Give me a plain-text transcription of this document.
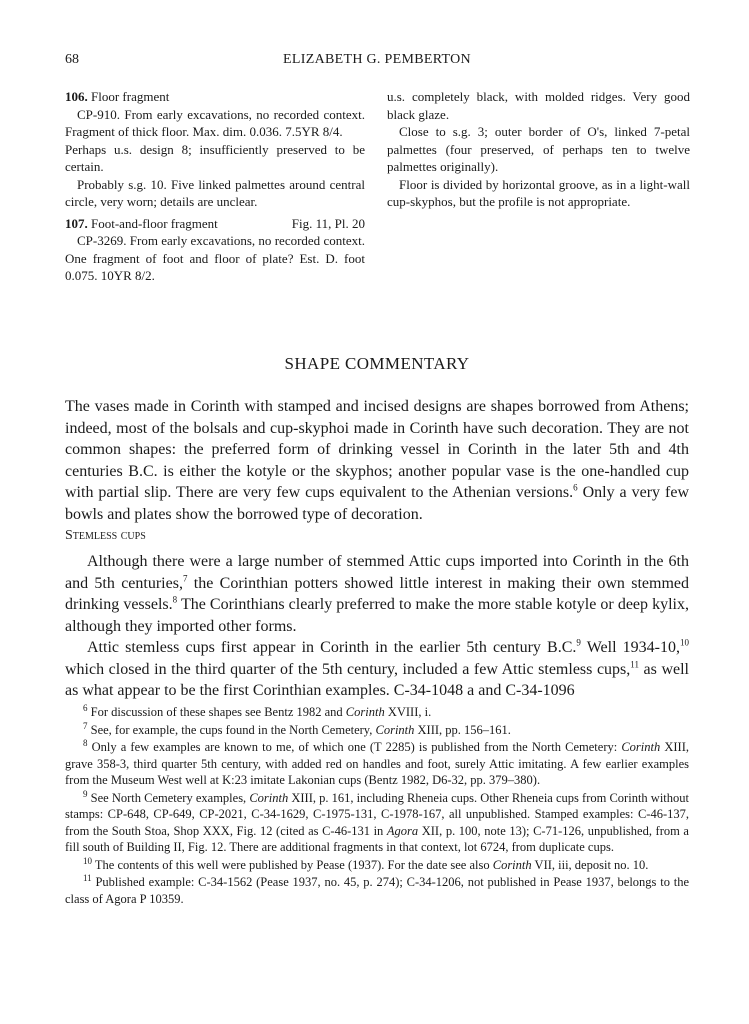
68	ELIZABETH G. PEMBERTON
106. Floor fragment

CP-910. From early excavations, no recorded context. Fragment of thick floor. Max. dim. 0.036. 7.5YR 8/4.

Perhaps u.s. design 8; insufficiently preserved to be certain.

Probably s.g. 10. Five linked palmettes around central circle, very worn; details are unclear.

107. Foot-and-floor fragment	Fig. 11, Pl. 20

CP-3269. From early excavations, no recorded context. One fragment of foot and floor of plate? Est. D. foot 0.075. 10YR 8/2.

u.s. completely black, with molded ridges. Very good black glaze.

Close to s.g. 3; outer border of O's, linked 7-petal palmettes (four preserved, of perhaps ten to twelve palmettes originally).

Floor is divided by horizontal groove, as in a light-wall cup-skyphos, but the profile is not appropriate.

SHAPE COMMENTARY

The vases made in Corinth with stamped and incised designs are shapes borrowed from Athens; indeed, most of the bolsals and cup-skyphoi made in Corinth have such decoration. They are not common shapes: the preferred form of drinking vessel in Corinth in the later 5th and 4th centuries B.C. is either the kotyle or the skyphos; another popular vase is the one-handled cup with partial slip. There are very few cups equivalent to the Athenian versions.$^6$ Only a very few bowls and plates show the borrowed type of decoration.

Stemless cups

Although there were a large number of stemmed Attic cups imported into Corinth in the 6th and 5th centuries,$^7$ the Corinthian potters showed little interest in making their own stemmed drinking vessels.$^8$ The Corinthians clearly preferred to make the more stable kotyle or deep kylix, although they imported other forms.

Attic stemless cups first appear in Corinth in the earlier 5th century B.C.$^9$ Well 1934-10,10 which closed in the third quarter of the 5th century, included a few Attic stemless cups,$^{11}$ as well as what appear to be the first Corinthian examples. C-34-1048 a and C-34-1096

$^6$ For discussion of these shapes see Bentz 1982 and Corinth XVIII, i.

$^7$ See, for example, the cups found in the North Cemetery, Corinth XIII, pp. 156–161.

$^8$ Only a few examples are known to me, of which one (T 2285) is published from the North Cemetery: Corinth XIII, grave 358-3, third quarter 5th century, with added red on handles and foot, surely Attic imitating. A few earlier examples from the Museum West well at K:23 imitate Lakonian cups (Bentz 1982, D6-32, pp. 379–380).

$^9$ See North Cemetery examples, Corinth XIII, p. 161, including Rheneia cups. Other Rheneia cups from Corinth without stamps: CP-648, CP-649, CP-2021, C-34-1629, C-1975-131, C-1978-167, all unpublished. Stamped examples: C-46-137, from the South Stoa, Shop XXX, Fig. 12 (cited as C-46-131 in Agora XII, p. 100, note 13); C-71-126, unpublished, from a fill south of Building II, Fig. 12. There are additional fragments in that context, lot 6724, from duplicate cups.

$^{10}$ The contents of this well were published by Pease (1937). For the date see also Corinth VII, iii, deposit no. 10.

$^{11}$ Published example: C-34-1562 (Pease 1937, no. 45, p. 274); C-34-1206, not published in Pease 1937, belongs to the class of Agora P 10359.
